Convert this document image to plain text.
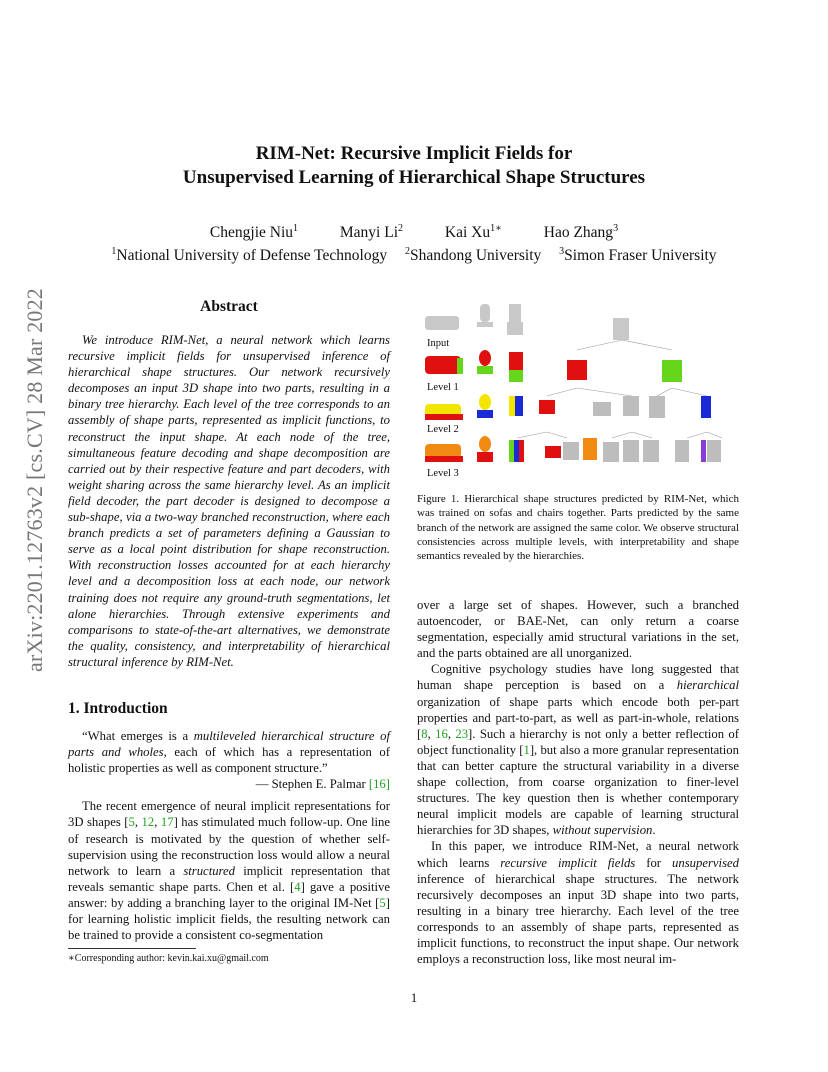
arXiv:2201.12763v2 [cs.CV] 28 Mar 2022
RIM-Net: Recursive Implicit Fields for
Unsupervised Learning of Hierarchical Shape Structures
Chengjie Niu$^1$	Manyi Li$^2$	Kai $Xu^{1∗}$	Hao Zhang$^3$
$^1$National University of Defense Technology $^2$Shandong University $^3$Simon Fraser University
Abstract

We introduce RIM-Net, a neural network which learns recursive implicit fields for unsupervised inference of hierarchical shape structures. Our network recursively decomposes an input 3D shape into two parts, resulting in a binary tree hierarchy. Each level of the tree corresponds to an assembly of shape parts, represented as implicit functions, to reconstruct the input shape. At each node of the tree, simultaneous feature decoding and shape decomposition are carried out by their respective feature and part decoders, with weight sharing across the same hierarchy level. As an implicit field decoder, the part decoder is designed to decompose a sub-shape, via a two-way branched reconstruction, where each branch predicts a set of parameters defining a Gaussian to serve as a local point distribution for shape reconstruction. With reconstruction losses accounted for at each hierarchy level and a decomposition loss at each node, our network training does not require any ground-truth segmentations, let alone hierarchies. Through extensive experiments and comparisons to state-of-the-art alternatives, we demonstrate the quality, consistency, and interpretability of hierarchical structural inference by RIM-Net.

1. Introduction

“What emerges is a multileveled hierarchical structure of parts and wholes, each of which has a representation of holistic properties as well as component structure.”

— Stephen E. Palmar [16]

The recent emergence of neural implicit representations for 3D shapes [5, 12, 17] has stimulated much follow-up. One line of research is motivated by the question of whether self-supervision using the reconstruction loss would allow a neural network to learn a structured implicit representation that reveals semantic shape parts. Chen et al. [4] gave a positive answer: by adding a branching layer to the original IM-Net [5] for learning holistic implicit fields, the resulting network can be trained to provide a consistent co-segmentation

Input
Level 1
Level 2
Level 3
Figure 1. Hierarchical shape structures predicted by RIM-Net, which was trained on sofas and chairs together. Parts predicted by the same branch of the network are assigned the same color. We observe structural consistencies across multiple levels, with interpretability and shape semantics revealed by the hierarchies.

over a large set of shapes. However, such a branched autoencoder, or BAE-Net, can only return a coarse segmentation, especially amid structural variations in the set, and the parts obtained are all unorganized.

Cognitive psychology studies have long suggested that human shape perception is based on a hierarchical organization of shape parts which encode both per-part properties and part-to-part, as well as part-in-whole, relations [8, 16, 23]. Such a hierarchy is not only a better reflection of object functionality [1], but also a more granular representation that can better capture the structural variability in a diverse shape collection, from coarse organization to finer-level structures. The key question then is whether contemporary neural implicit models are capable of learning structural hierarchies for 3D shapes, without supervision.

In this paper, we introduce RIM-Net, a neural network which learns recursive implicit fields for unsupervised inference of hierarchical shape structures. The network recursively decomposes an input 3D shape into two parts, resulting in a binary tree hierarchy. Each level of the tree corresponds to an assembly of shape parts, represented as implicit functions, to reconstruct the input shape. Our network employs a reconstruction loss, like most neural im-

∗Corresponding author: kevin.kai.xu@gmail.com
1
